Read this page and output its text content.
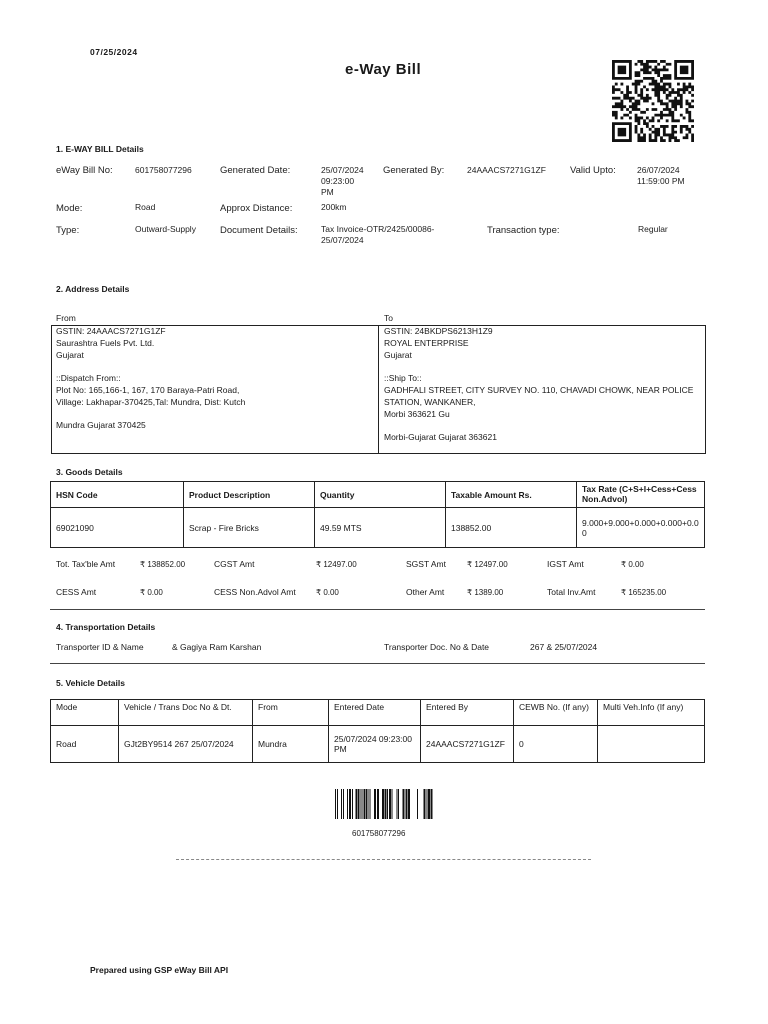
07/25/2024
e-Way Bill
1. E-WAY BILL Details
eWay Bill No:	601758077296	Generated Date:	25/07/2024
09:23:00
PM
Generated By:	24AAACS7271G1ZF	Valid Upto: 26/07/2024
11:59:00 PM
Mode:	Road	Approx Distance:	200km
Type:	Outward-Supply	Document Details:	Tax Invoice-OTR/2425/00086-
25/07/2024
Transaction type:	Regular
2. Address Details
From	To
GSTIN: 24AAACS7271G1ZF
Saurashtra Fuels Pvt. Ltd.
Gujarat
::Dispatch From::
Plot No: 165,166-1, 167, 170 Baraya-Patri Road,
Village: Lakhapar-370425,Tal: Mundra, Dist: Kutch
Mundra Gujarat 370425
GSTIN: 24BKDPS6213H1Z9
ROYAL ENTERPRISE
Gujarat
::Ship To::
GADHFALI STREET, CITY SURVEY NO. 110, CHAVADI CHOWK, NEAR POLICE
STATION, WANKANER,
Morbi 363621 Gu
Morbi-Gujarat Gujarat 363621
3. Goods Details
HSN Code	Product Description	Quantity	Taxable Amount Rs.	Tax Rate (C+S+I+Cess+Cess Non.Advol)
69021090	Scrap - Fire Bricks	49.59 MTS	138852.00	9.000+9.000+0.000+0.000+0.00
Tot. Tax'ble Amt	₹ 138852.00	CGST Amt	₹ 12497.00	SGST Amt	₹ 12497.00	IGST Amt	₹ 0.00
CESS Amt	₹ 0.00	CESS Non.Advol Amt	₹ 0.00	Other Amt	₹ 1389.00	Total Inv.Amt	₹ 165235.00
4. Transportation Details
Transporter ID & Name	& Gagiya Ram Karshan	Transporter Doc. No & Date	267 & 25/07/2024
5. Vehicle Details
Mode	Vehicle / Trans Doc No & Dt.	From	Entered Date	Entered By	CEWB No. (If any)	Multi Veh.Info (If any)
Road	GJt2BY9514 267 25/07/2024	Mundra	25/07/2024 09:23:00 PM	24AAACS7271G1ZF	0	
601758077296
Prepared using GSP eWay Bill API
